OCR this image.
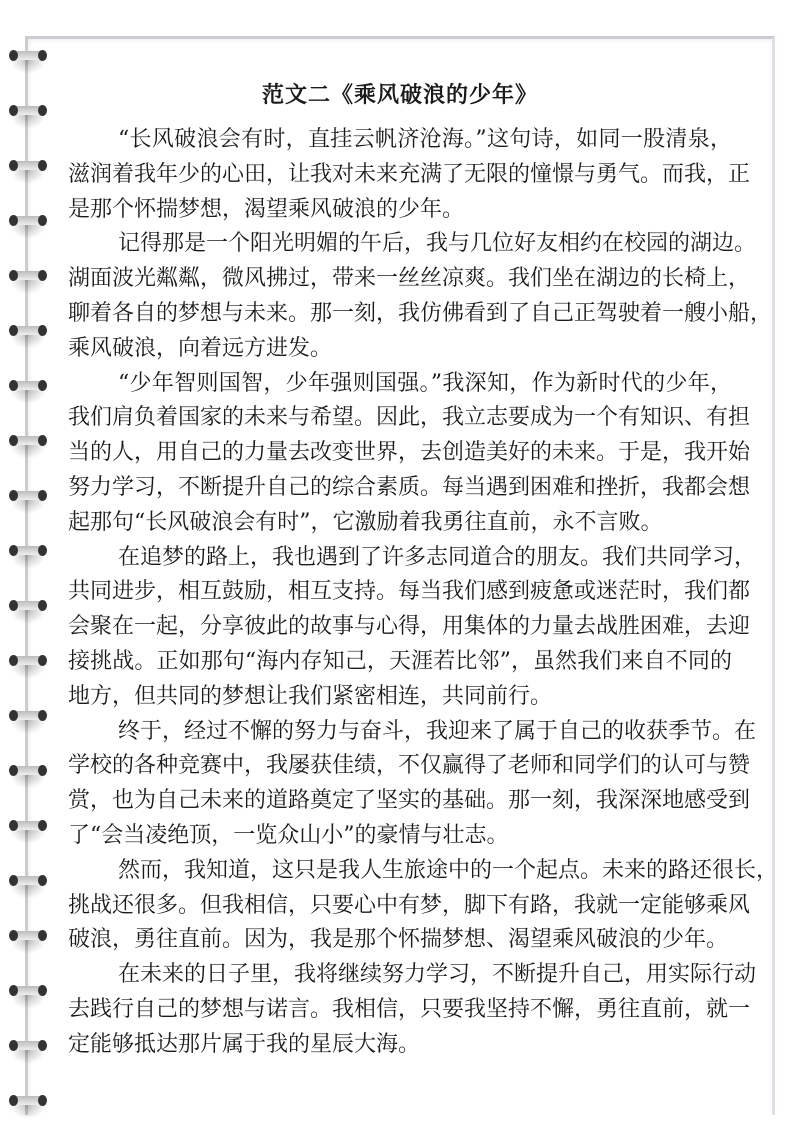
范文二《乘风破浪的少年》
“长风破浪会有时，直挂云帆济沧海。”这句诗，如同一股清泉，
滋润着我年少的心田，让我对未来充满了无限的憧憬与勇气。而我，正
是那个怀揣梦想，渴望乘风破浪的少年。
记得那是一个阳光明媚的午后，我与几位好友相约在校园的湖边。
湖面波光粼粼，微风拂过，带来一丝丝凉爽。我们坐在湖边的长椅上，
聊着各自的梦想与未来。那一刻，我仿佛看到了自己正驾驶着一艘小船，
乘风破浪，向着远方进发。
“少年智则国智，少年强则国强。”我深知，作为新时代的少年，
我们肩负着国家的未来与希望。因此，我立志要成为一个有知识、有担
当的人，用自己的力量去改变世界，去创造美好的未来。于是，我开始
努力学习，不断提升自己的综合素质。每当遇到困难和挫折，我都会想
起那句“长风破浪会有时”，它激励着我勇往直前，永不言败。
在追梦的路上，我也遇到了许多志同道合的朋友。我们共同学习，
共同进步，相互鼓励，相互支持。每当我们感到疲惫或迷茫时，我们都
会聚在一起，分享彼此的故事与心得，用集体的力量去战胜困难，去迎
接挑战。正如那句“海内存知己，天涯若比邻”，虽然我们来自不同的
地方，但共同的梦想让我们紧密相连，共同前行。
终于，经过不懈的努力与奋斗，我迎来了属于自己的收获季节。在
学校的各种竞赛中，我屡获佳绩，不仅赢得了老师和同学们的认可与赞
赏，也为自己未来的道路奠定了坚实的基础。那一刻，我深深地感受到
了“会当凌绝顶，一览众山小”的豪情与壮志。
然而，我知道，这只是我人生旅途中的一个起点。未来的路还很长，
挑战还很多。但我相信，只要心中有梦，脚下有路，我就一定能够乘风
破浪，勇往直前。因为，我是那个怀揣梦想、渴望乘风破浪的少年。
在未来的日子里，我将继续努力学习，不断提升自己，用实际行动
去践行自己的梦想与诺言。我相信，只要我坚持不懈，勇往直前，就一
定能够抵达那片属于我的星辰大海。
